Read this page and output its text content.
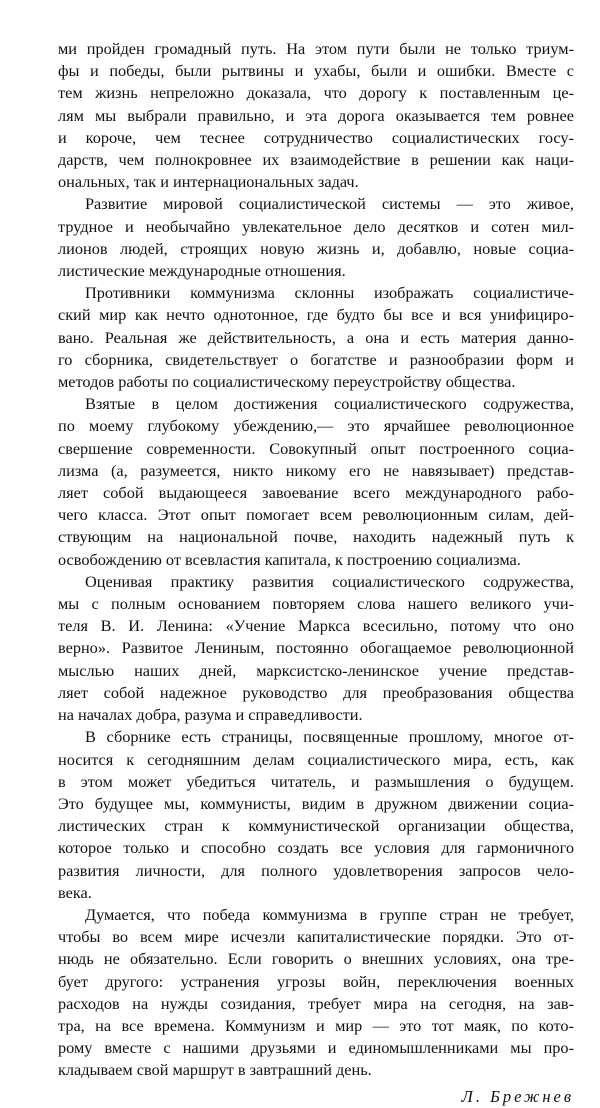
ми пройден громадный путь. На этом пути были не только триум-
фы и победы, были рытвины и ухабы, были и ошибки. Вместе с
тем жизнь непреложно доказала, что дорогу к поставленным це-
лям мы выбрали правильно, и эта дорога оказывается тем ровнее
и короче, чем теснее сотрудничество социалистических госу-
дарств, чем полнокровнее их взаимодействие в решении как наци-
ональных, так и интернациональных задач.

Развитие мировой социалистической системы — это живое,
трудное и необычайно увлекательное дело десятков и сотен мил-
лионов людей, строящих новую жизнь и, добавлю, новые социа-
листические международные отношения.

Противники коммунизма склонны изображать социалистиче-
ский мир как нечто однотонное, где будто бы все и вся унифициро-
вано. Реальная же действительность, а она и есть материя данно-
го сборника, свидетельствует о богатстве и разнообразии форм и
методов работы по социалистическому переустройству общества.

Взятые в целом достижения социалистического содружества,
по моему глубокому убеждению,— это ярчайшее революционное
свершение современности. Совокупный опыт построенного социа-
лизма (а, разумеется, никто никому его не навязывает) представ-
ляет собой выдающееся завоевание всего международного рабо-
чего класса. Этот опыт помогает всем революционным силам, дей-
ствующим на национальной почве, находить надежный путь к
освобождению от всевластия капитала, к построению социализма.

Оценивая практику развития социалистического содружества,
мы с полным основанием повторяем слова нашего великого учи-
теля В. И. Ленина: «Учение Маркса всесильно, потому что оно
верно». Развитое Лениным, постоянно обогащаемое революционной
мыслью наших дней, марксистско-ленинское учение представ-
ляет собой надежное руководство для преобразования общества
на началах добра, разума и справедливости.

В сборнике есть страницы, посвященные прошлому, многое от-
носится к сегодняшним делам социалистического мира, есть, как
в этом может убедиться читатель, и размышления о будущем.
Это будущее мы, коммунисты, видим в дружном движении социа-
листических стран к коммунистической организации общества,
которое только и способно создать все условия для гармоничного
развития личности, для полного удовлетворения запросов чело-
века.

Думается, что победа коммунизма в группе стран не требует,
чтобы во всем мире исчезли капиталистические порядки. Это от-
нюдь не обязательно. Если говорить о внешних условиях, она тре-
бует другого: устранения угрозы войн, переключения военных
расходов на нужды созидания, требует мира на сегодня, на зав-
тра, на все времена. Коммунизм и мир — это тот маяк, по кото-
рому вместе с нашими друзьями и единомышленниками мы про-
кладываем свой маршрут в завтрашний день.

Л. Брежнев
